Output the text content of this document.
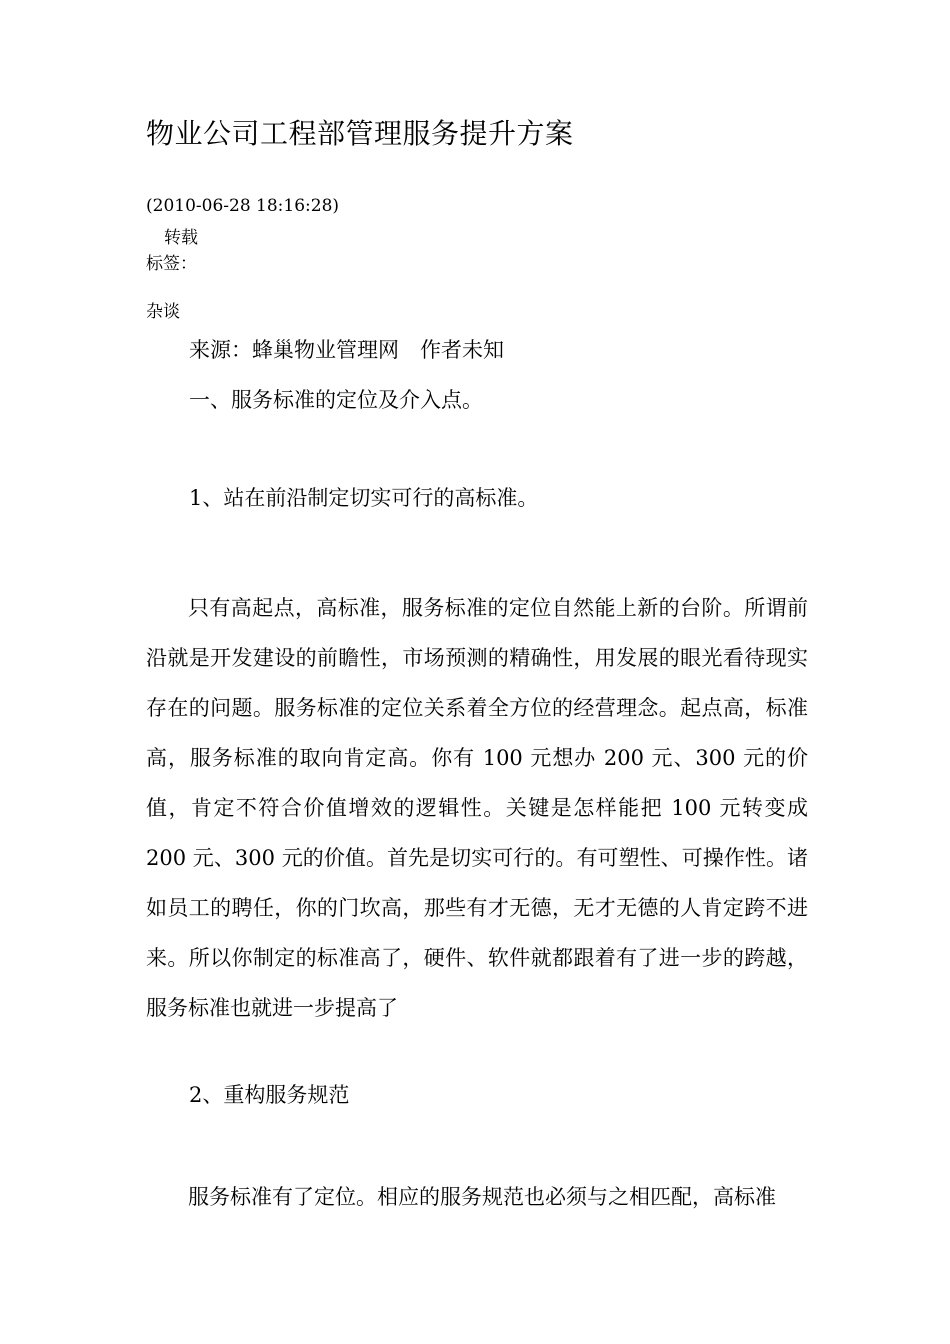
物业公司工程部管理服务提升方案
(2010-06-28 18:16:28)
转载
标签：
杂谈
来源：蜂巢物业管理网　作者未知
一、服务标准的定位及介入点。
1、站在前沿制定切实可行的高标准。

只有高起点，高标准，服务标准的定位自然能上新的台阶。所谓前沿就是开发建设的前瞻性，市场预测的精确性，用发展的眼光看待现实存在的问题。服务标准的定位关系着全方位的经营理念。起点高，标准高，服务标准的取向肯定高。你有 100 元想办 200 元、300 元的价值，肯定不符合价值增效的逻辑性。关键是怎样能把 100 元转变成 200 元、300 元的价值。首先是切实可行的。有可塑性、可操作性。诸如员工的聘任，你的门坎高，那些有才无德，无才无德的人肯定跨不进来。所以你制定的标准高了，硬件、软件就都跟着有了进一步的跨越，服务标准也就进一步提高了

2、重构服务规范

服务标准有了定位。相应的服务规范也必须与之相匹配，高标准
